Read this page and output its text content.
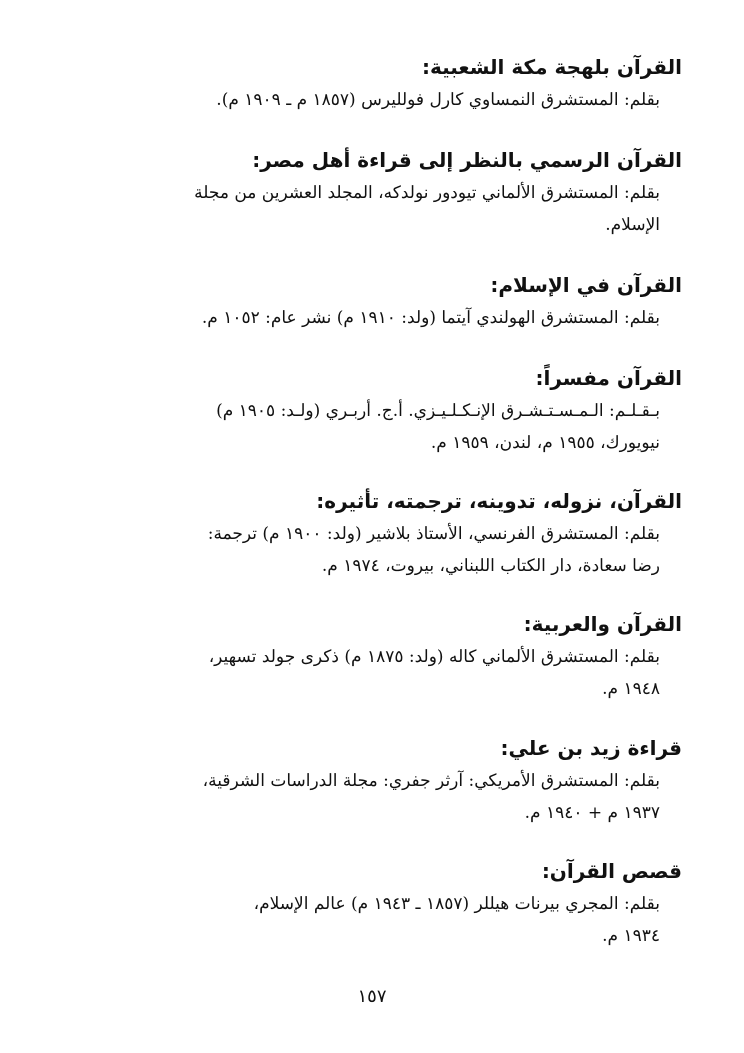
القرآن بلهجة مكة الشعبية:

بقلم: المستشرق النمساوي كارل فولليرس (١٨٥٧ م ـ ١٩٠٩ م).

القرآن الرسمي بالنظر إلى قراءة أهل مصر:

بقلم: المستشرق الألماني تيودور نولدكه، المجلد العشرين من مجلة
الإسلام.

القرآن في الإسلام:

بقلم: المستشرق الهولندي آيتما (ولد: ١٩١٠ م) نشر عام: ١٠٥٢ م.

القرآن مفسراً:

بـقـلـم: الـمـسـتـشـرق الإنـكـلـيـزي. أ.ج. أربـري (ولـد: ١٩٠٥ م)
نيويورك، ١٩٥٥ م، لندن، ١٩٥٩ م.

القرآن، نزوله، تدوينه، ترجمته، تأثيره:

بقلم: المستشرق الفرنسي، الأستاذ بلاشير (ولد: ١٩٠٠ م) ترجمة:
رضا سعادة، دار الكتاب اللبناني، بيروت، ١٩٧٤ م.

القرآن والعربية:

بقلم: المستشرق الألماني كاله (ولد: ١٨٧٥ م) ذكرى جولد تسهير،
١٩٤٨ م.

قراءة زيد بن علي:

بقلم: المستشرق الأمريكي: آرثر جفري: مجلة الدراسات الشرقية،
١٩٣٧ م + ١٩٤٠ م.

قصص القرآن:

بقلم: المجري بيرنات هيللر (١٨٥٧ ـ ١٩٤٣ م) عالم الإسلام،
١٩٣٤ م.

١٥٧
